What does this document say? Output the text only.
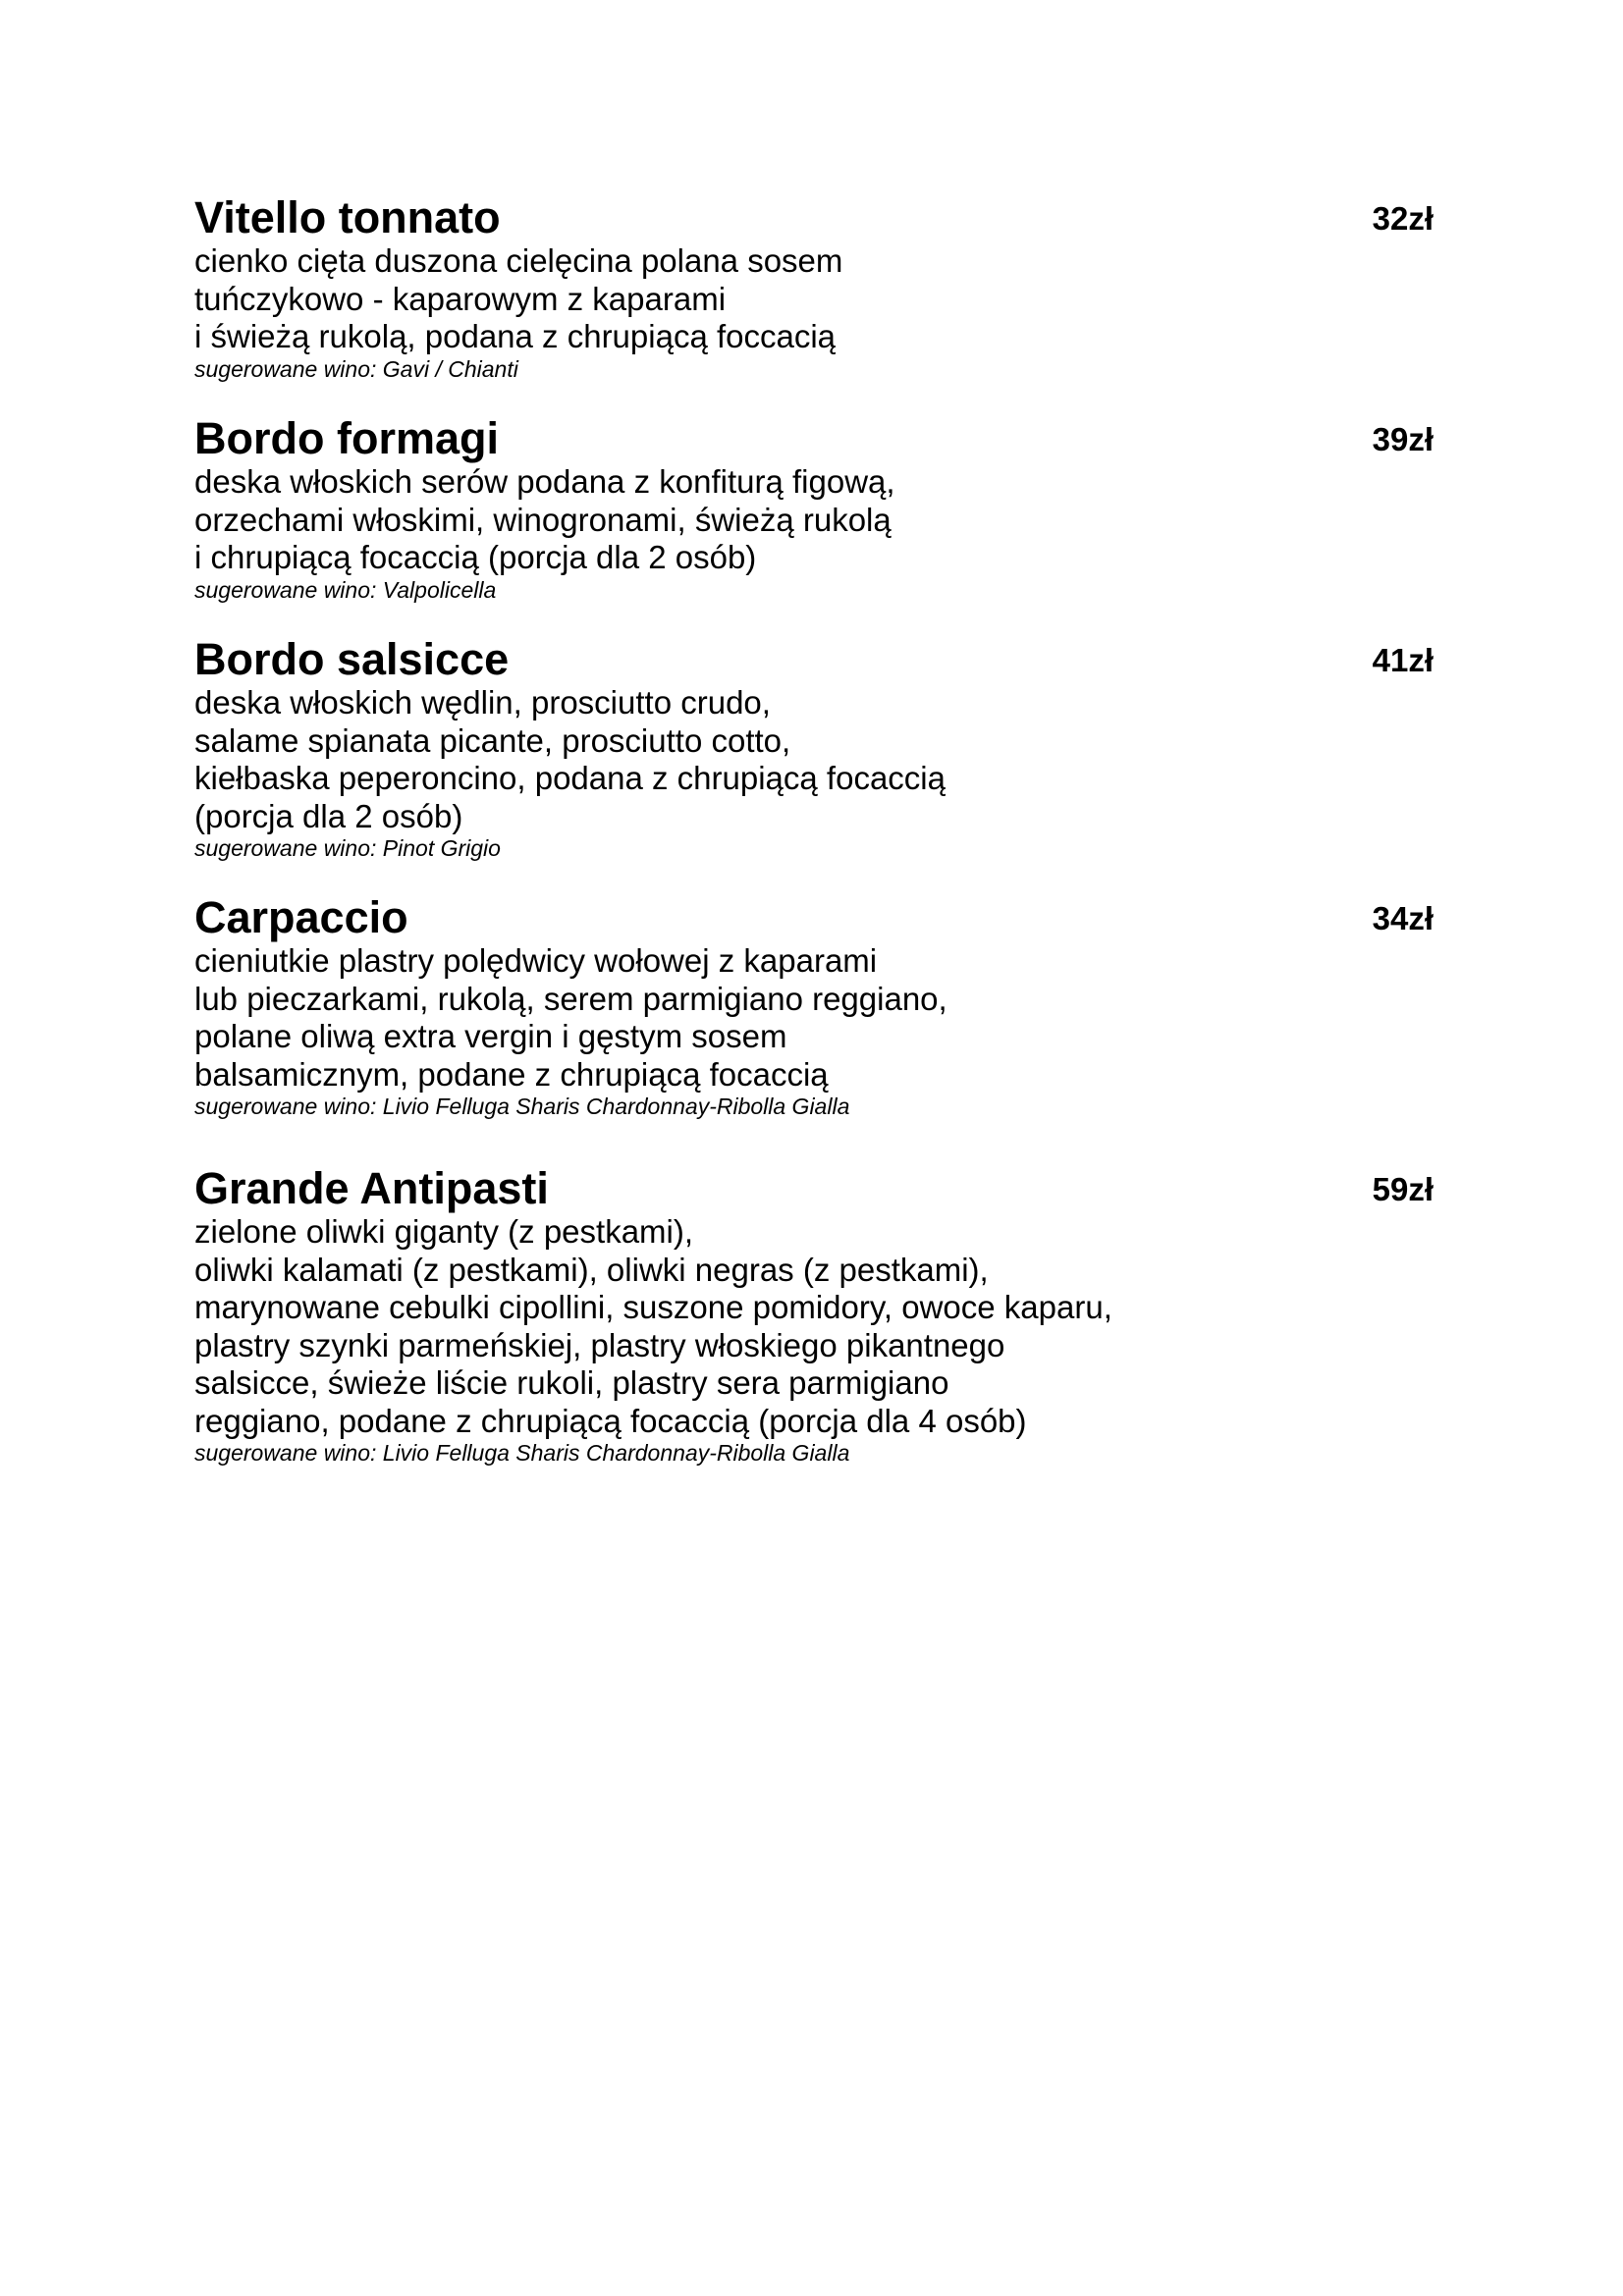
Vitello tonnato	32zł
cienko cięta duszona cielęcina polana sosem
tuńczykowo - kaparowym z kaparami
i świeżą rukolą, podana z chrupiącą foccacią
sugerowane wino: Gavi / Chianti
Bordo formagi	39zł
deska włoskich serów podana z konfiturą figową,
orzechami włoskimi, winogronami, świeżą rukolą
i chrupiącą focaccią (porcja dla 2 osób)
sugerowane wino: Valpolicella
Bordo salsicce	41zł
deska włoskich wędlin, prosciutto crudo,
salame spianata picante, prosciutto cotto,
kiełbaska peperoncino, podana z chrupiącą focaccią
(porcja dla 2 osób)
sugerowane wino: Pinot Grigio
Carpaccio	34zł
cieniutkie plastry polędwicy wołowej z kaparami
lub pieczarkami, rukolą, serem parmigiano reggiano,
polane oliwą extra vergin i gęstym sosem
balsamicznym, podane z chrupiącą focaccią
sugerowane wino: Livio Felluga Sharis Chardonnay-Ribolla Gialla
Grande Antipasti	59zł
zielone oliwki giganty (z pestkami),
oliwki kalamati (z pestkami), oliwki negras (z pestkami),
marynowane cebulki cipollini, suszone pomidory, owoce kaparu,
plastry szynki parmeńskiej, plastry włoskiego pikantnego
salsicce, świeże liście rukoli, plastry sera parmigiano
reggiano, podane z chrupiącą focaccią (porcja dla 4 osób)
sugerowane wino: Livio Felluga Sharis Chardonnay-Ribolla Gialla
